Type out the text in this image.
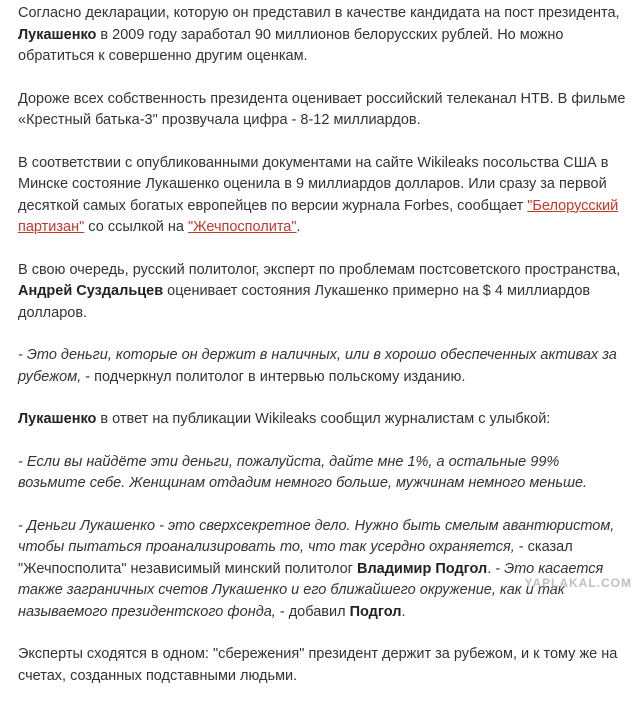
Согласно декларации, которую он представил в качестве кандидата на пост президента, Лукашенко в 2009 году заработал 90 миллионов белорусских рублей. Но можно обратиться к совершенно другим оценкам.

Дороже всех собственность президента оценивает российский телеканал НТВ. В фильме «Крестный батька-3" прозвучала цифра - 8-12 миллиардов.

В соответствии с опубликованными документами на сайте Wikileaks посольства США в Минске состояние Лукашенко оценила в 9 миллиардов долларов. Или сразу за первой десяткой самых богатых европейцев по версии журнала Forbes, сообщает "Белорусский партизан" со ссылкой на "Жечпосполита".

В свою очередь, русский политолог, эксперт по проблемам постсоветского пространства, Андрей Суздальцев оценивает состояния Лукашенко примерно на $ 4 миллиардов долларов.

- Это деньги, которые он держит в наличных, или в хорошо обеспеченных активах за рубежом, - подчеркнул политолог в интервью польскому изданию.

Лукашенко в ответ на публикации Wikileaks сообщил журналистам с улыбкой:

- Если вы найдёте эти деньги, пожалуйста, дайте мне 1%, а остальные 99% возьмите себе. Женщинам отдадим немного больше, мужчинам немного меньше.

- Деньги Лукашенко - это сверхсекретное дело. Нужно быть смелым авантюристом, чтобы пытаться проанализировать то, что так усердно охраняется, - сказал "Жечпосполита" независимый минский политолог Владимир Подгол. - Это касается также заграничных счетов Лукашенко и его ближайшего окружение, как и так называемого президентского фонда, - добавил Подгол.

Эксперты сходятся в одном: "сбережения" президент держит за рубежом, и к тому же на счетах, созданных подставными людьми.

YAPLAKAL.COM
